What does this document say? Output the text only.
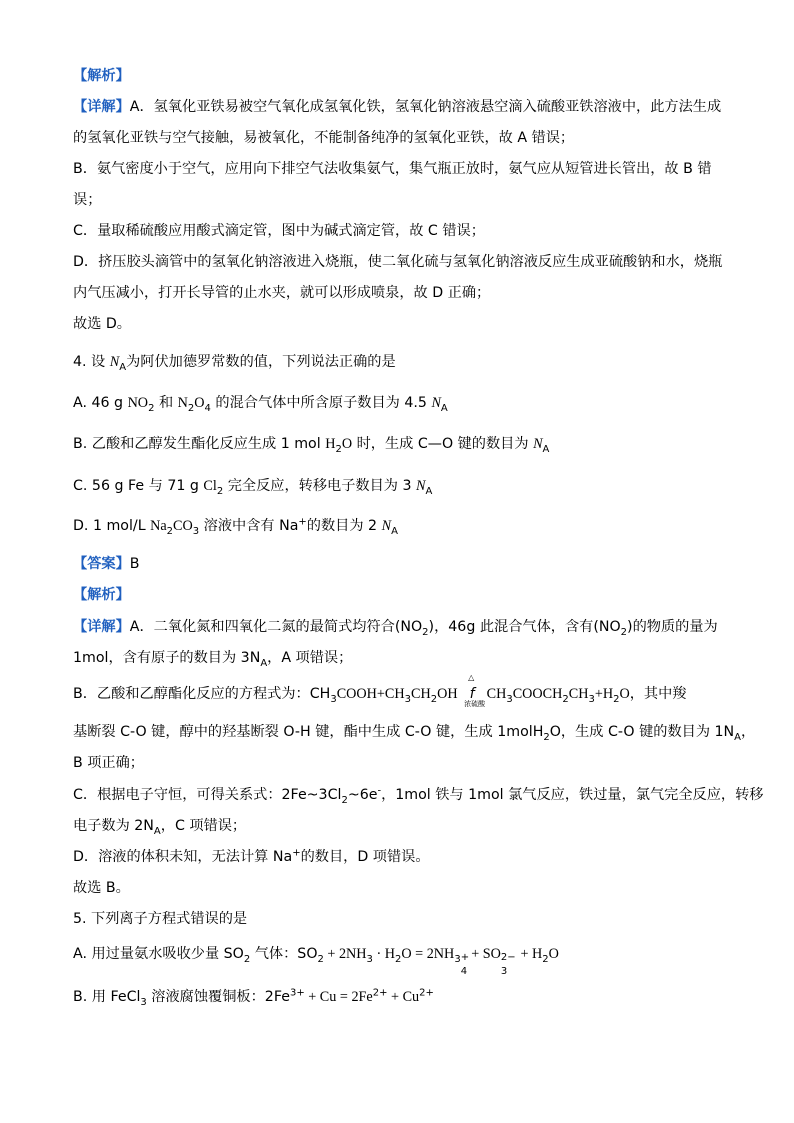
【解析】
【详解】A．氢氧化亚铁易被空气氧化成氢氧化铁，氢氧化钠溶液悬空滴入硫酸亚铁溶液中，此方法生成
的氢氧化亚铁与空气接触，易被氧化，不能制备纯净的氢氧化亚铁，故 A 错误；
B．氨气密度小于空气，应用向下排空气法收集氨气，集气瓶正放时，氨气应从短管进长管出，故 B 错
误；
C．量取稀硫酸应用酸式滴定管，图中为碱式滴定管，故 C 错误；
D．挤压胶头滴管中的氢氧化钠溶液进入烧瓶，使二氧化硫与氢氧化钠溶液反应生成亚硫酸钠和水，烧瓶
内气压减小，打开长导管的止水夹，就可以形成喷泉，故 D 正确；
故选 D。
4. 设 $N_A$为阿伏加德罗常数的值，下列说法正确的是
A. 46 g $NO_2$ 和 $N_2O_4$ 的混合气体中所含原子数目为 4.5 $N_A$
B. 乙酸和乙醇发生酯化反应生成 1 mol $H_2O$ 时，生成 C—O 键的数目为 $N_A$
C. 56 g Fe 与 71 g $Cl_2$ 完全反应，转移电子数目为 3 $N_A$
D. 1 mol/L $Na_2CO_3$ 溶液中含有 Na+的数目为 2 $N_A$
【答案】B
【解析】
【详解】A．二氧化氮和四氧化二氮的最简式均符合$(NO_2)$，46g 此混合气体，含有$(NO_2)$的物质的量为
1mol，含有原子的数目为 $3N_A$，A 项错误；
B．乙酸和乙醇酯化反应的方程式为：$CH_3COOH+CH_3CH_2OH$
△
f
浓硫酸
$CH_3COOCH_2CH_3+H_2O$，其中羧
基断裂 C-O 键，醇中的羟基断裂 O-H 键，酯中生成 C-O 键，生成 1molH$_2$O，生成 C-O 键的数目为 $1N_A$，
B 项正确；
C．根据电子守恒，可得关系式：$2Fe\sim 3Cl_2\sim 6e^-$，1mol 铁与 1mol 氯气反应，铁过量，氯气完全反应，转移
电子数为 $2N_A$，C 项错误；
D．溶液的体积未知，无法计算 Na+的数目，D 项错误。
故选 B。
5. 下列离子方程式错误的是
A. 用过量氨水吸收少量 $SO_2$ 气体：$SO_2 + 2NH_3 \cdot H_2O = 2NH_3$ +
4
+ SO 2−
3
+ $H_2O$
B. 用 FeCl$_3$ 溶液腐蚀覆铜板：$2Fe^{3+} + Cu = 2Fe^{2+} + Cu^{2+}$
